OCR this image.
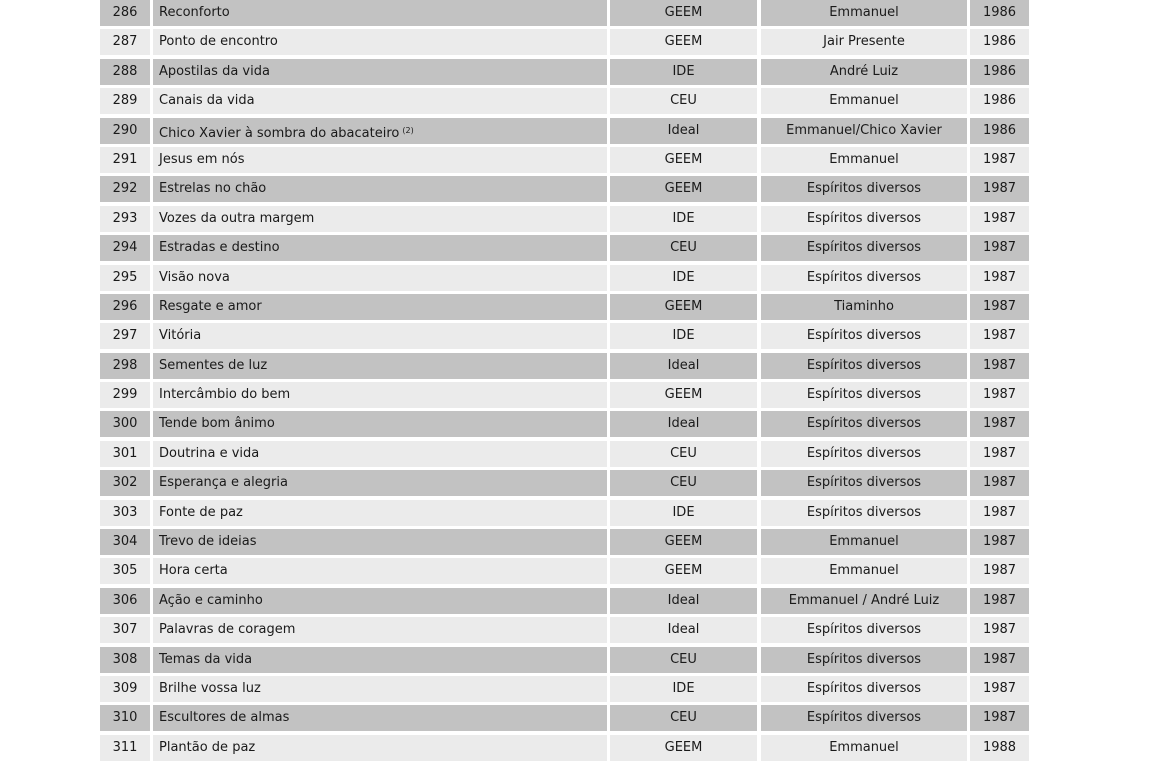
286	Reconforto	GEEM	Emmanuel	1986
287	Ponto de encontro	GEEM	Jair Presente	1986
288	Apostilas da vida	IDE	André Luiz	1986
289	Canais da vida	CEU	Emmanuel	1986
290	Chico Xavier à sombra do abacateiro $^{(2)}$	Ideal	Emmanuel/Chico Xavier	1986
291	Jesus em nós	GEEM	Emmanuel	1987
292	Estrelas no chão	GEEM	Espíritos diversos	1987
293	Vozes da outra margem	IDE	Espíritos diversos	1987
294	Estradas e destino	CEU	Espíritos diversos	1987
295	Visão nova	IDE	Espíritos diversos	1987
296	Resgate e amor	GEEM	Tiaminho	1987
297	Vitória	IDE	Espíritos diversos	1987
298	Sementes de luz	Ideal	Espíritos diversos	1987
299	Intercâmbio do bem	GEEM	Espíritos diversos	1987
300	Tende bom ânimo	Ideal	Espíritos diversos	1987
301	Doutrina e vida	CEU	Espíritos diversos	1987
302	Esperança e alegria	CEU	Espíritos diversos	1987
303	Fonte de paz	IDE	Espíritos diversos	1987
304	Trevo de ideias	GEEM	Emmanuel	1987
305	Hora certa	GEEM	Emmanuel	1987
306	Ação e caminho	Ideal	Emmanuel / André Luiz	1987
307	Palavras de coragem	Ideal	Espíritos diversos	1987
308	Temas da vida	CEU	Espíritos diversos	1987
309	Brilhe vossa luz	IDE	Espíritos diversos	1987
310	Escultores de almas	CEU	Espíritos diversos	1987
311	Plantão de paz	GEEM	Emmanuel	1988
